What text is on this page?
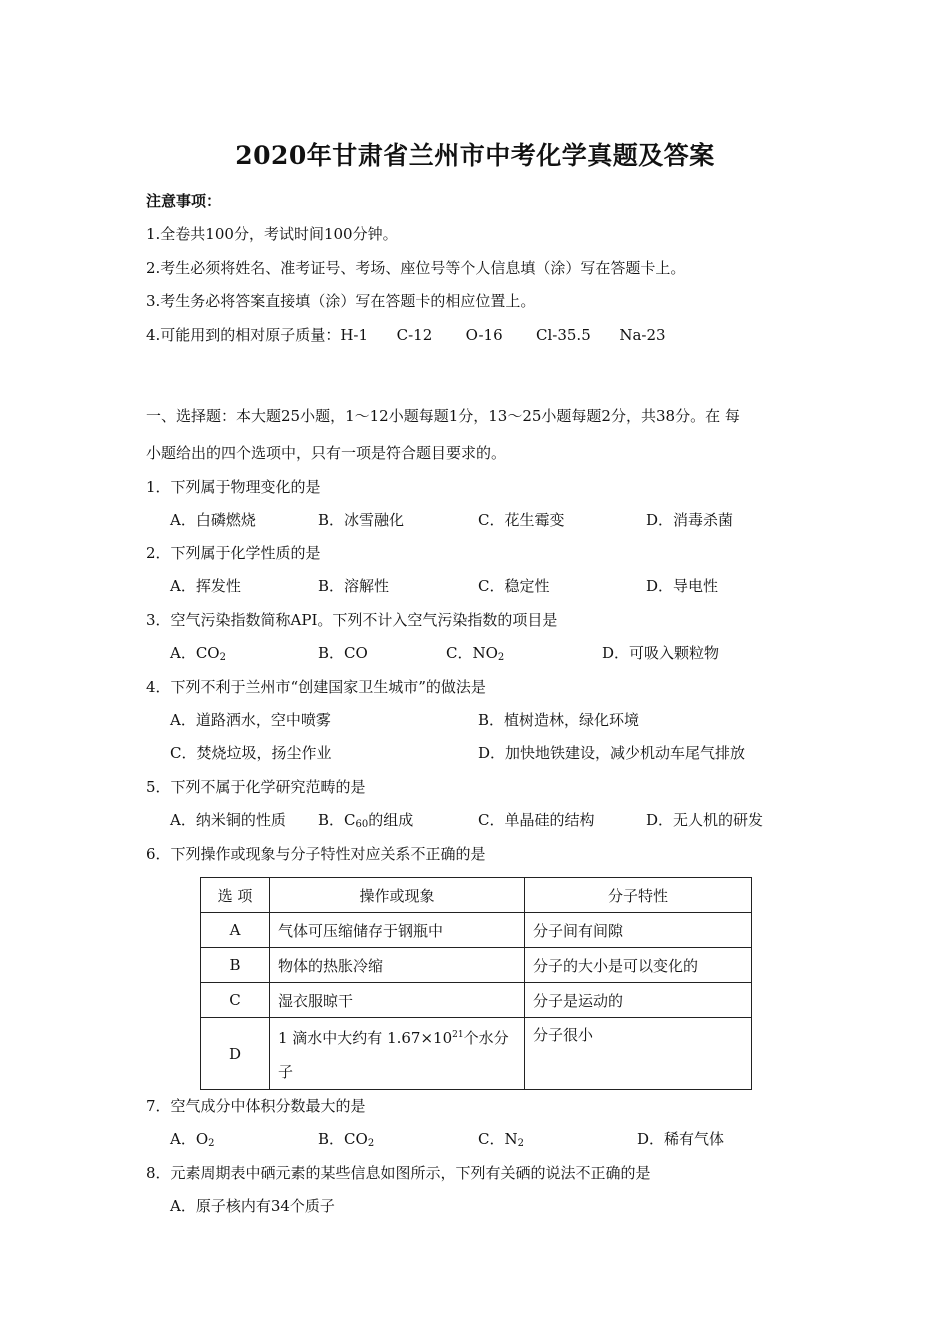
2020年甘肃省兰州市中考化学真题及答案
注意事项：
1.全卷共100分，考试时间100分钟。
2.考生必须将姓名、准考证号、考场、座位号等个人信息填（涂）写在答题卡上。
3.考生务必将答案直接填（涂）写在答题卡的相应位置上。
4.可能用到的相对原子质量：H-1      C-12       O-16       Cl-35.5      Na-23
一、选择题：本大题25小题，1～12小题每题1分，13～25小题每题2分，共38分。在 每
小题给出的四个选项中，只有一项是符合题目要求的。
1．下列属于物理变化的是
A．白磷燃烧	B．冰雪融化	C．花生霉变	D．消毒杀菌
2．下列属于化学性质的是
A．挥发性	B．溶解性	C．稳定性	D．导电性
3．空气污染指数简称API。下列不计入空气污染指数的项目是
A．$CO_2$	B．CO	C．$NO_2$	D．可吸入颗粒物
4．下列不利于兰州市“创建国家卫生城市”的做法是
A．道路洒水，空中喷雾	B．植树造林，绿化环境
C．焚烧垃圾，扬尘作业	D．加快地铁建设，减少机动车尾气排放
5．下列不属于化学研究范畴的是
A．纳米铜的性质 B．$C_{60}$的组成	C．单晶硅的结构	D．无人机的研发
6．下列操作或现象与分子特性对应关系不正确的是
选 项	操作或现象	分子特性
A	气体可压缩储存于钢瓶中	分子间有间隙
B	物体的热胀冷缩	分子的大小是可以变化的
C	湿衣服晾干	分子是运动的
D	1 滴水中大约有 $1.67\times 10^{21}$个水分子	分子很小
7．空气成分中体积分数最大的是
A．$O_2$	B．$CO_2$	C．$N_2$	D．稀有气体
8．元素周期表中硒元素的某些信息如图所示，下列有关硒的说法不正确的是
A．原子核内有34个质子
